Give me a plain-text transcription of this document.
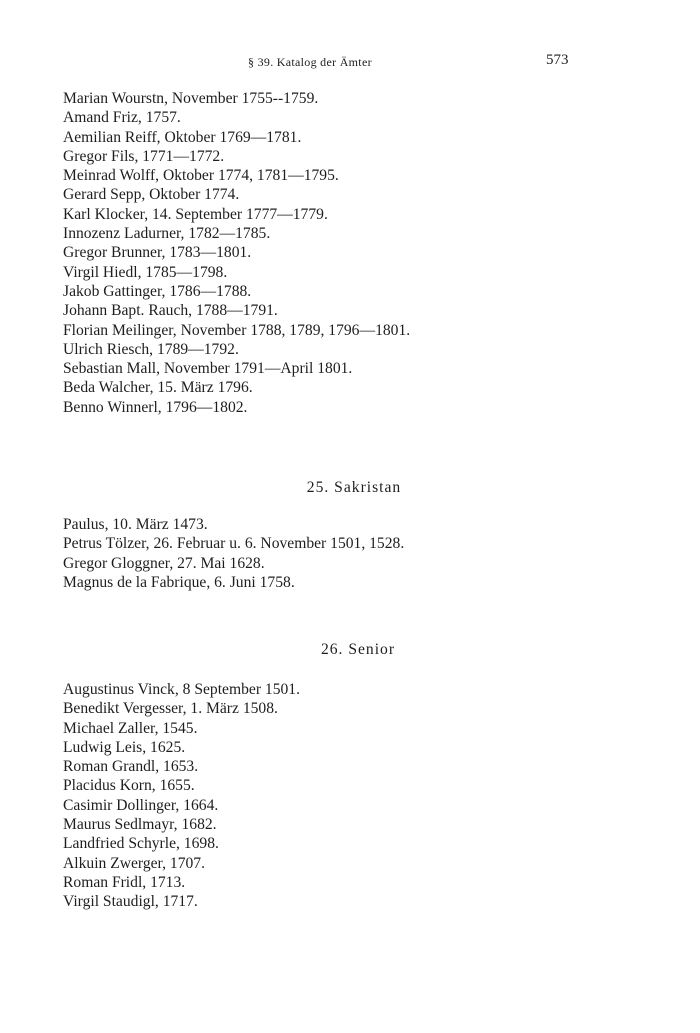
§ 39. Katalog der Ämter	573
Marian Wourstn, November 1755--1759.
Amand Friz, 1757.
Aemilian Reiff, Oktober 1769—1781.
Gregor Fils, 1771—1772.
Meinrad Wolff, Oktober 1774, 1781—1795.
Gerard Sepp, Oktober 1774.
Karl Klocker, 14. September 1777—1779.
Innozenz Ladurner, 1782—1785.
Gregor Brunner, 1783—1801.
Virgil Hiedl, 1785—1798.
Jakob Gattinger, 1786—1788.
Johann Bapt. Rauch, 1788—1791.
Florian Meilinger, November 1788, 1789, 1796—1801.
Ulrich Riesch, 1789—1792.
Sebastian Mall, November 1791—April 1801.
Beda Walcher, 15. März 1796.
Benno Winnerl, 1796—1802.
25. Sakristan
Paulus, 10. März 1473.
Petrus Tölzer, 26. Februar u. 6. November 1501, 1528.
Gregor Gloggner, 27. Mai 1628.
Magnus de la Fabrique, 6. Juni 1758.
26. Senior
Augustinus Vinck, 8 September 1501.
Benedikt Vergesser, 1. März 1508.
Michael Zaller, 1545.
Ludwig Leis, 1625.
Roman Grandl, 1653.
Placidus Korn, 1655.
Casimir Dollinger, 1664.
Maurus Sedlmayr, 1682.
Landfried Schyrle, 1698.
Alkuin Zwerger, 1707.
Roman Fridl, 1713.
Virgil Staudigl, 1717.
